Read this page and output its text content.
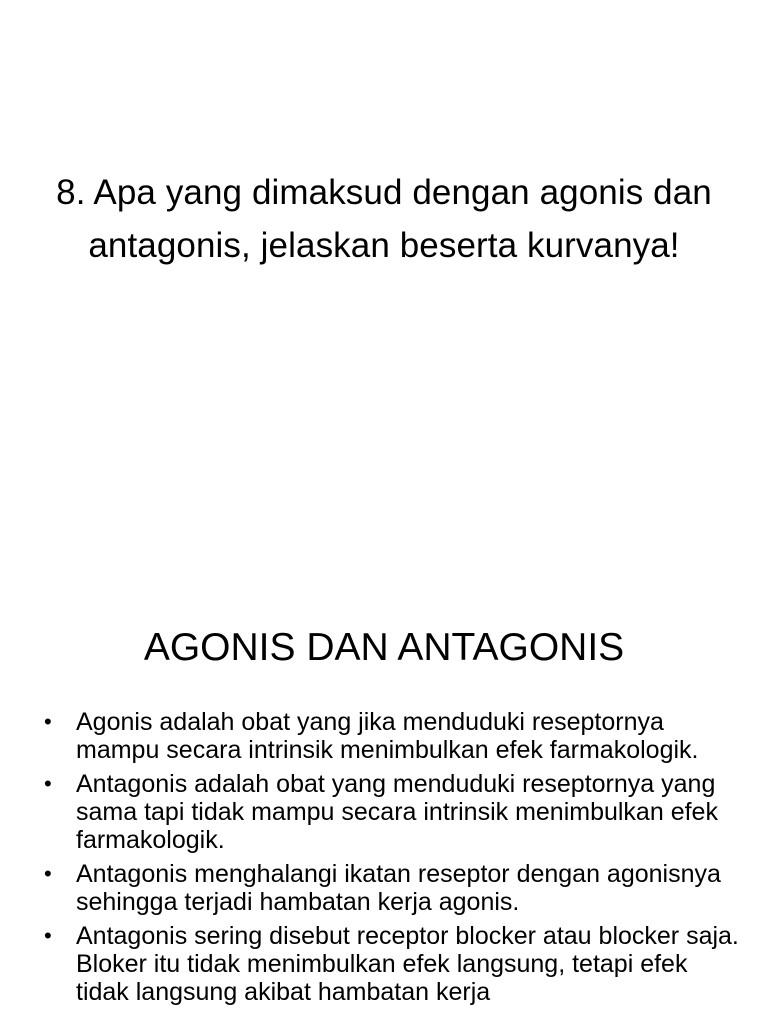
8. Apa yang dimaksud dengan agonis dan antagonis, jelaskan beserta kurvanya!
AGONIS DAN ANTAGONIS
• Agonis adalah obat yang jika menduduki reseptornya mampu secara intrinsik menimbulkan efek farmakologik.
• Antagonis adalah obat yang menduduki reseptornya yang sama tapi tidak mampu secara intrinsik menimbulkan efek farmakologik.
• Antagonis menghalangi ikatan reseptor dengan agonisnya sehingga terjadi hambatan kerja agonis.
• Antagonis sering disebut receptor blocker atau blocker saja. Bloker itu tidak menimbulkan efek langsung, tetapi efek tidak langsung akibat hambatan kerja
